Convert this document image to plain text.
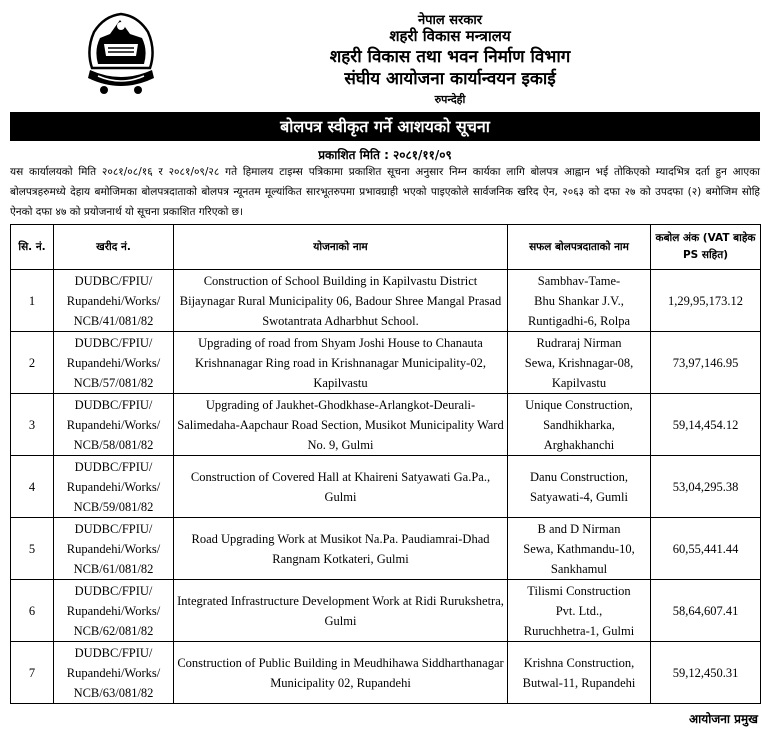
नेपाल सरकार
शहरी विकास मन्त्रालय
शहरी विकास तथा भवन निर्माण विभाग
संघीय आयोजना कार्यान्वयन इकाई
रुपन्देही
बोलपत्र स्वीकृत गर्ने आशयको सूचना
प्रकाशित मिति : २०८१/११/०९
यस कार्यालयको मिति २०८१/०८/१६ र २०८१/०९/२८ गते हिमालय टाइम्स पत्रिकामा प्रकाशित सूचना अनुसार निम्न कार्यका लागि बोलपत्र आह्वान भई तोकिएको म्यादभित्र दर्ता हुन आएका बोलपत्रहरुमध्ये देहाय बमोजिमका बोलपत्रदाताको बोलपत्र न्यूनतम मूल्यांकित सारभूतरुपमा प्रभावग्राही भएको पाइएकोले सार्वजनिक खरिद ऐन, २०६३ को दफा २७ को उपदफा (२) बमोजिम सोहि ऐनको दफा ४७ को प्रयोजनार्थ यो सूचना प्रकाशित गरिएको छ।
सि. नं.	खरीद नं.	योजनाको नाम	सफल बोलपत्रदाताको नाम	कबोल अंक (VAT बाहेक PS सहित)
1	DUDBC/FPIU/
Rupandehi/Works/
NCB/41/081/82	Construction of School Building in Kapilvastu District Bijaynagar Rural Municipality 06, Badour Shree Mangal Prasad Swotantrata Adharbhut School.	Sambhav-Tame-
Bhu Shankar J.V.,
Runtigadhi-6, Rolpa	1,29,95,173.12
2	DUDBC/FPIU/
Rupandehi/Works/
NCB/57/081/82	Upgrading of road from Shyam Joshi House to Chanauta Krishnanagar Ring road in Krishnanagar Municipality-02, Kapilvastu	Rudraraj Nirman
Sewa, Krishnagar-08,
Kapilvastu	73,97,146.95
3	DUDBC/FPIU/
Rupandehi/Works/
NCB/58/081/82	Upgrading of Jaukhet-Ghodkhase-Arlangkot-Deurali-Salimedaha-Aapchaur Road Section, Musikot Municipality Ward No. 9, Gulmi	Unique Construction,
Sandhikharka,
Arghakhanchi	59,14,454.12
4	DUDBC/FPIU/
Rupandehi/Works/
NCB/59/081/82	Construction of Covered Hall at Khaireni Satyawati Ga.Pa., Gulmi	Danu Construction,
Satyawati-4, Gumli	53,04,295.38
5	DUDBC/FPIU/
Rupandehi/Works/
NCB/61/081/82	Road Upgrading Work at Musikot Na.Pa. Paudiamrai-Dhad Rangnam Kotkateri, Gulmi	B and D Nirman
Sewa, Kathmandu-10,
Sankhamul	60,55,441.44
6	DUDBC/FPIU/
Rupandehi/Works/
NCB/62/081/82	Integrated Infrastructure Development Work at Ridi Rurukshetra, Gulmi	Tilismi Construction
Pvt. Ltd.,
Ruruchhetra-1, Gulmi	58,64,607.41
7	DUDBC/FPIU/
Rupandehi/Works/
NCB/63/081/82	Construction of Public Building in Meudhihawa Siddharthanagar Municipality 02, Rupandehi	Krishna Construction,
Butwal-11, Rupandehi	59,12,450.31
आयोजना प्रमुख
